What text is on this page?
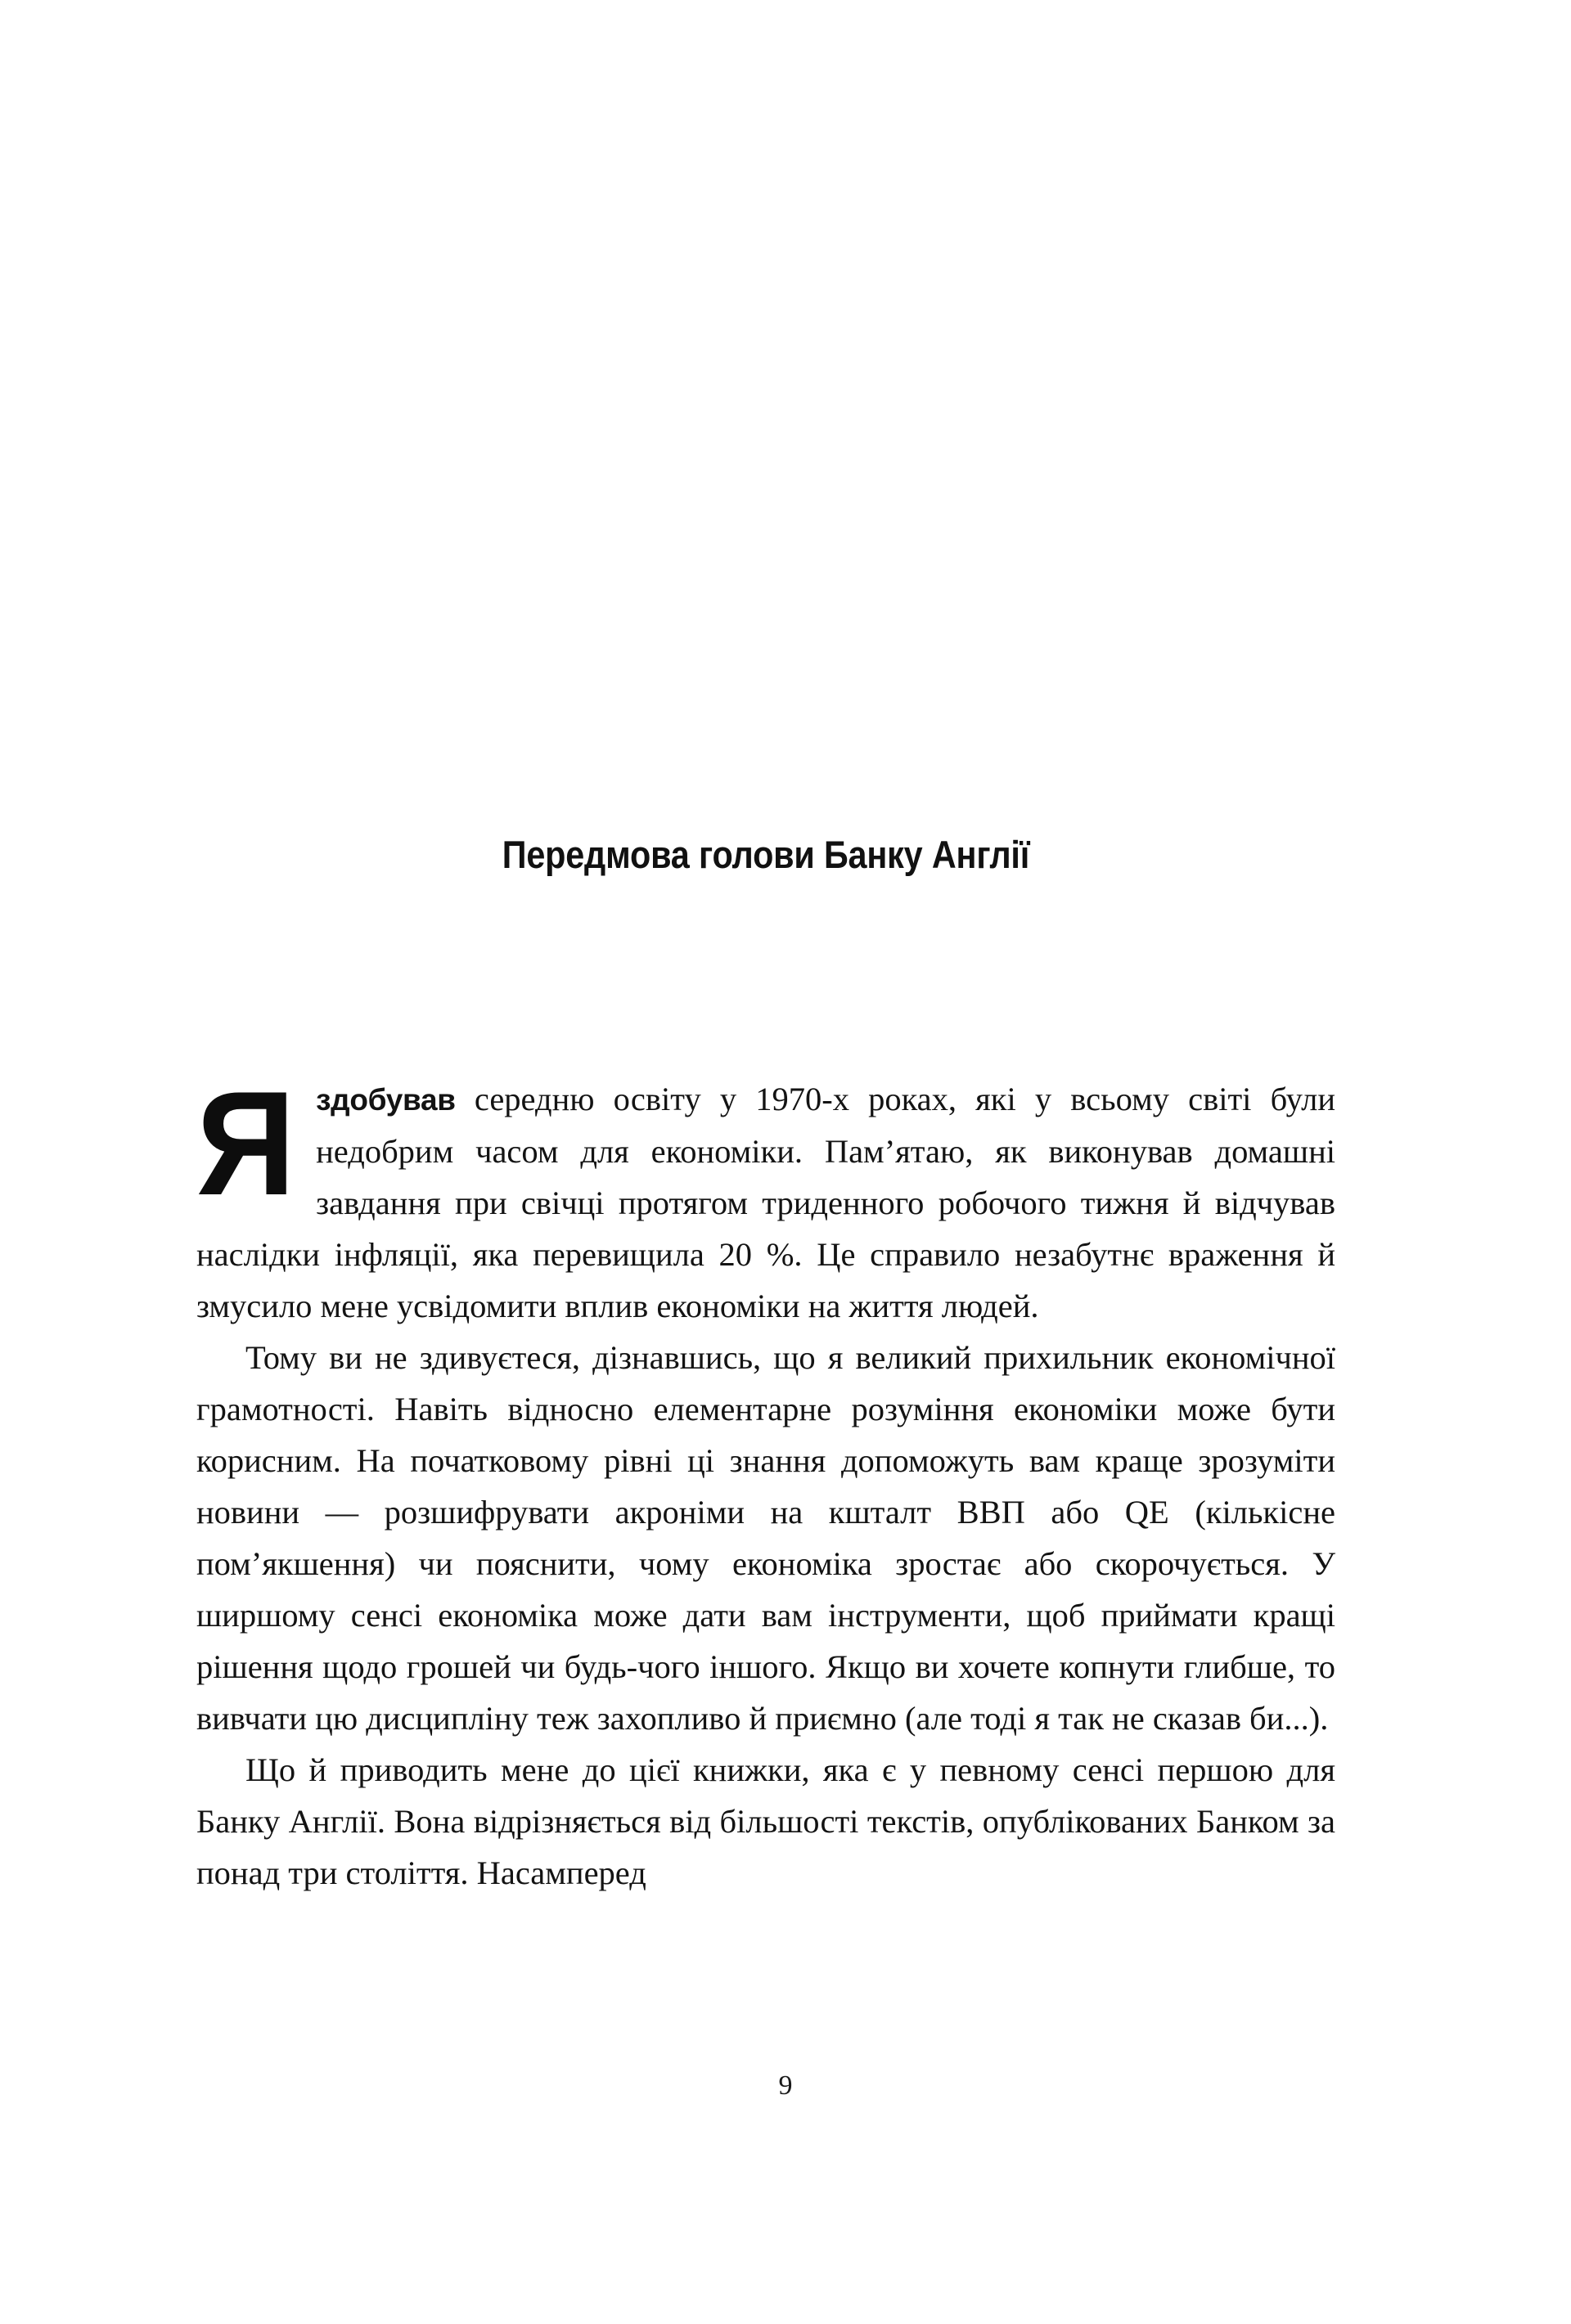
Передмова голови Банку Англії

Яздобував середню освіту у 1970-х роках, які у всьому світі були недобрим часом для економіки. Пам’ятаю, як виконував домашні завдання при свічці протягом триденного робочого тижня й відчував наслідки інфляції, яка перевищила 20 %. Це справило незабутнє враження й змусило мене усвідомити вплив економіки на життя людей.

Тому ви не здивуєтеся, дізнавшись, що я великий прихильник економічної грамотності. Навіть відносно елементарне розуміння економіки може бути корисним. На початковому рівні ці знання допоможуть вам краще зрозуміти новини — розшифрувати акроніми на кшталт ВВП або QE (кількісне пом’якшення) чи пояснити, чому економіка зростає або скорочується. У ширшому сенсі економіка може дати вам інструменти, щоб приймати кращі рішення щодо грошей чи будь-чого іншого. Якщо ви хочете копнути глибше, то вивчати цю дисципліну теж захопливо й приємно (але тоді я так не сказав би...).

Що й приводить мене до цієї книжки, яка є у певному сенсі першою для Банку Англії. Вона відрізняється від більшості текстів, опублікованих Банком за понад три століття. Насамперед

9
